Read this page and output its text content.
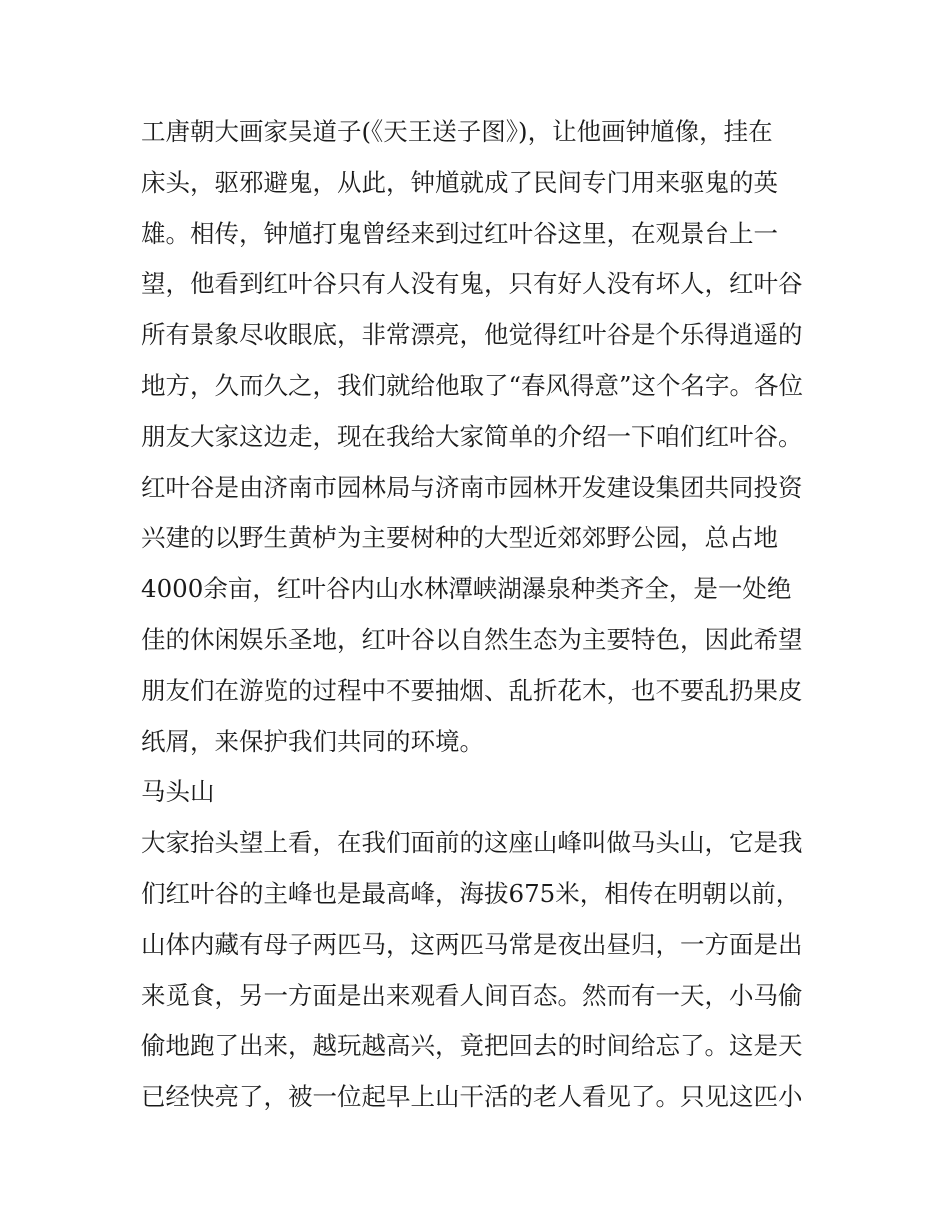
工唐朝大画家吴道子(《天王送子图》)，让他画钟馗像，挂在
床头，驱邪避鬼，从此，钟馗就成了民间专门用来驱鬼的英
雄。相传，钟馗打鬼曾经来到过红叶谷这里，在观景台上一
望，他看到红叶谷只有人没有鬼，只有好人没有坏人，红叶谷
所有景象尽收眼底，非常漂亮，他觉得红叶谷是个乐得逍遥的
地方，久而久之，我们就给他取了“春风得意”这个名字。各位
朋友大家这边走，现在我给大家简单的介绍一下咱们红叶谷。
红叶谷是由济南市园林局与济南市园林开发建设集团共同投资
兴建的以野生黄栌为主要树种的大型近郊郊野公园，总占地
4000余亩，红叶谷内山水林潭峡湖瀑泉种类齐全，是一处绝
佳的休闲娱乐圣地，红叶谷以自然生态为主要特色，因此希望
朋友们在游览的过程中不要抽烟、乱折花木，也不要乱扔果皮
纸屑，来保护我们共同的环境。
马头山
大家抬头望上看，在我们面前的这座山峰叫做马头山，它是我
们红叶谷的主峰也是最高峰，海拔675米，相传在明朝以前，
山体内藏有母子两匹马，这两匹马常是夜出昼归，一方面是出
来觅食，另一方面是出来观看人间百态。然而有一天，小马偷
偷地跑了出来，越玩越高兴，竟把回去的时间给忘了。这是天
已经快亮了，被一位起早上山干活的老人看见了。只见这匹小
